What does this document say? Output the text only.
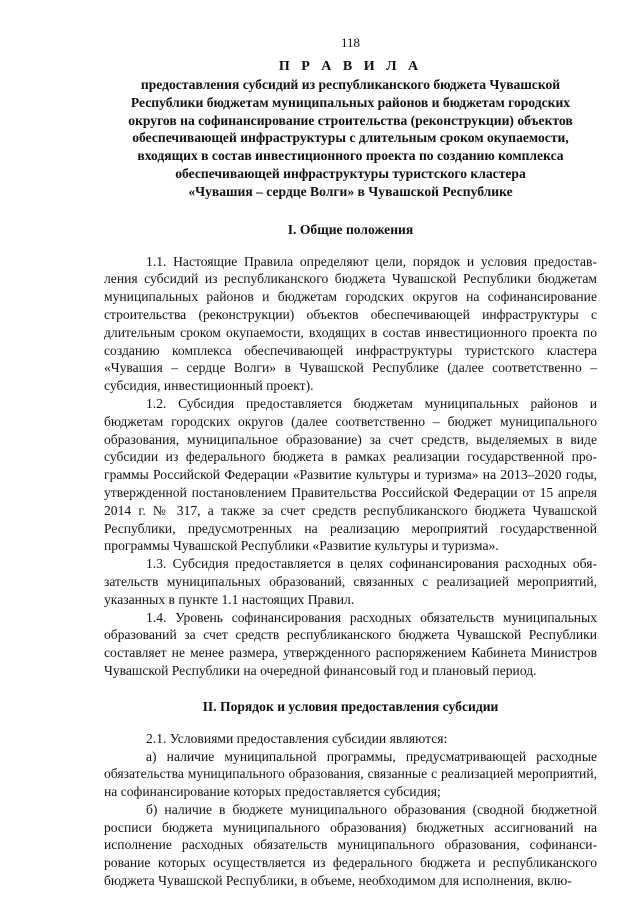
118
П Р А В И Л А
предоставления субсидий из республиканского бюджета Чувашской
Республики бюджетам муниципальных районов и бюджетам городских
округов на софинансирование строительства (реконструкции) объектов
обеспечивающей инфраструктуры с длительным сроком окупаемости,
входящих в состав инвестиционного проекта по созданию комплекса
обеспечивающей инфраструктуры туристского кластера
«Чувашия – сердце Волги» в Чувашской Республике
I. Общие положения

1.1. Настоящие Правила определяют цели, порядок и условия предоставления субсидий из республиканского бюджета Чувашской Республики бюджетам муниципальных районов и бюджетам городских округов на софинансирование строительства (реконструкции) объектов обеспечивающей инфраструктуры с длительным сроком окупаемости, входящих в состав инвестиционного проекта по созданию комплекса обеспечивающей инфраструктуры туристского кластера «Чувашия – сердце Волги» в Чувашской Республике (далее соответственно – субсидия, инвестиционный проект).

1.2. Субсидия предоставляется бюджетам муниципальных районов и бюджетам городских округов (далее соответственно – бюджет муниципального образования, муниципальное образование) за счет средств, выделяемых в виде субсидии из федерального бюджета в рамках реализации государственной программы Российской Федерации «Развитие культуры и туризма» на 2013–2020 годы, утвержденной постановлением Правительства Российской Федерации от 15 апреля 2014 г. № 317, а также за счет средств республиканского бюджета Чувашской Республики, предусмотренных на реализацию мероприятий государственной программы Чувашской Республики «Развитие культуры и туризма».

1.3. Субсидия предоставляется в целях софинансирования расходных обязательств муниципальных образований, связанных с реализацией мероприятий, указанных в пункте 1.1 настоящих Правил.

1.4. Уровень софинансирования расходных обязательств муниципальных образований за счет средств республиканского бюджета Чувашской Республики составляет не менее размера, утвержденного распоряжением Кабинета Министров Чувашской Республики на очередной финансовый год и плановый период.

II. Порядок и условия предоставления субсидии

2.1. Условиями предоставления субсидии являются:

а) наличие муниципальной программы, предусматривающей расходные обязательства муниципального образования, связанные с реализацией мероприятий, на софинансирование которых предоставляется субсидия;

б) наличие в бюджете муниципального образования (сводной бюджетной росписи бюджета муниципального образования) бюджетных ассигнований на исполнение расходных обязательств муниципального образования, софинансирование которых осуществляется из федерального бюджета и республиканского бюджета Чувашской Республики, в объеме, необходимом для исполнения, вклю-
